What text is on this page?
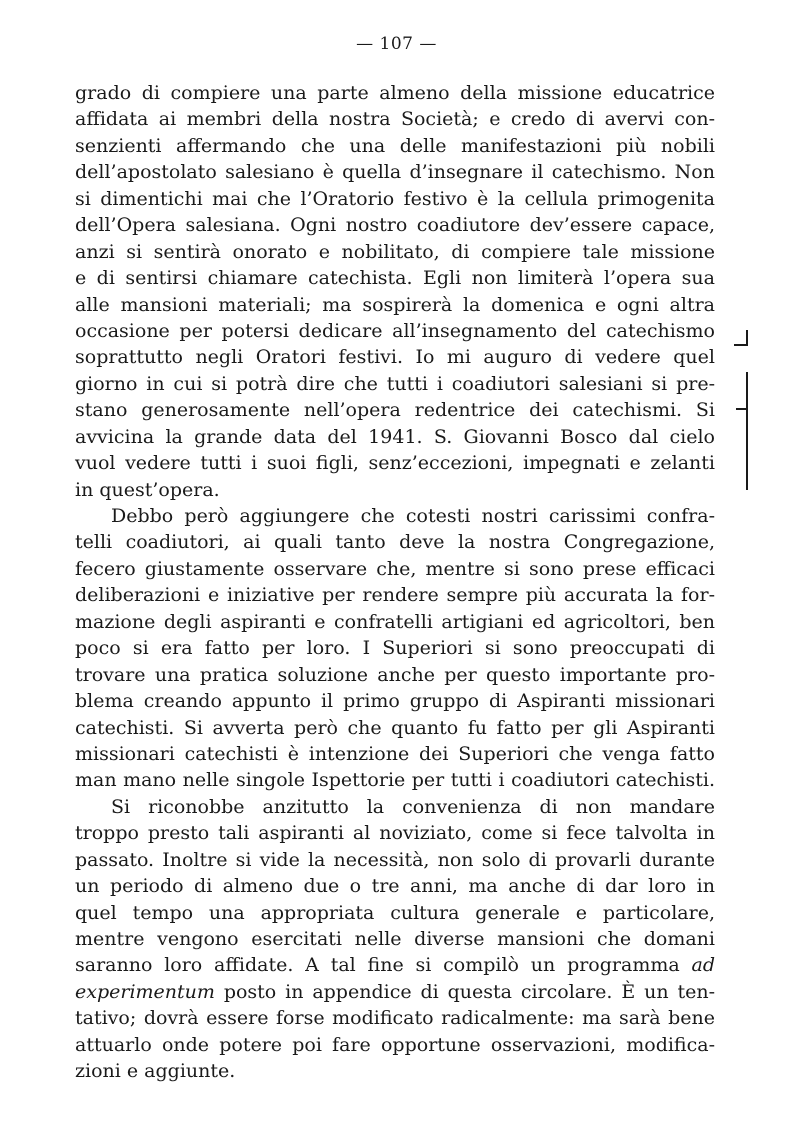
— 107 —
grado di compiere una parte almeno della missione educatrice
affidata ai membri della nostra Società; e credo di avervi con-
senzienti affermando che una delle manifestazioni più nobili
dell’apostolato salesiano è quella d’insegnare il catechismo. Non
si dimentichi mai che l’Oratorio festivo è la cellula primogenita
dell’Opera salesiana. Ogni nostro coadiutore dev’essere capace,
anzi si sentirà onorato e nobilitato, di compiere tale missione
e di sentirsi chiamare catechista. Egli non limiterà l’opera sua
alle mansioni materiali; ma sospirerà la domenica e ogni altra
occasione per potersi dedicare all’insegnamento del catechismo
soprattutto negli Oratori festivi. Io mi auguro di vedere quel
giorno in cui si potrà dire che tutti i coadiutori salesiani si pre-
stano generosamente nell’opera redentrice dei catechismi. Si
avvicina la grande data del 1941. S. Giovanni Bosco dal cielo
vuol vedere tutti i suoi figli, senz’eccezioni, impegnati e zelanti
in quest’opera.
Debbo però aggiungere che cotesti nostri carissimi confra-
telli coadiutori, ai quali tanto deve la nostra Congregazione,
fecero giustamente osservare che, mentre si sono prese efficaci
deliberazioni e iniziative per rendere sempre più accurata la for-
mazione degli aspiranti e confratelli artigiani ed agricoltori, ben
poco si era fatto per loro. I Superiori si sono preoccupati di
trovare una pratica soluzione anche per questo importante pro-
blema creando appunto il primo gruppo di Aspiranti missionari
catechisti. Si avverta però che quanto fu fatto per gli Aspiranti
missionari catechisti è intenzione dei Superiori che venga fatto
man mano nelle singole Ispettorie per tutti i coadiutori catechisti.
Si riconobbe anzitutto la convenienza di non mandare
troppo presto tali aspiranti al noviziato, come si fece talvolta in
passato. Inoltre si vide la necessità, non solo di provarli durante
un periodo di almeno due o tre anni, ma anche di dar loro in
quel tempo una appropriata cultura generale e particolare,
mentre vengono esercitati nelle diverse mansioni che domani
saranno loro affidate. A tal fine si compilò un programma ad
experimentum posto in appendice di questa circolare. È un ten-
tativo; dovrà essere forse modificato radicalmente: ma sarà bene
attuarlo onde potere poi fare opportune osservazioni, modifica-
zioni e aggiunte.
